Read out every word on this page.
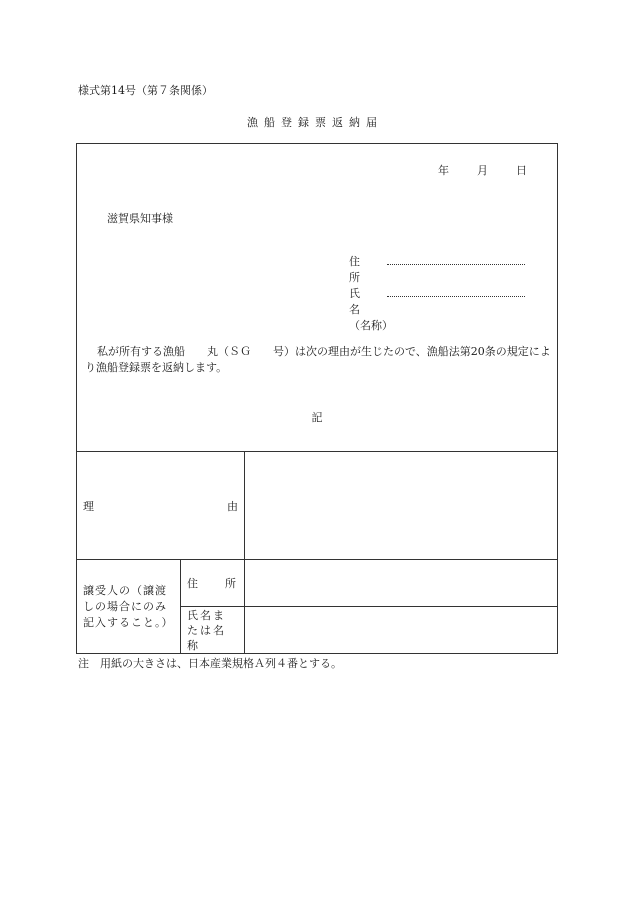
様式第14号（第７条関係）
漁船登録票返納届
年	月	日
滋賀県知事様
住　所
氏　名
（名称）
私が所有する漁船 丸（ＳＧ 号）は次の理由が生じたので、漁船法第20条の規定により漁船登録票を返納します。
記
理 由		

譲受人の（譲渡しの場合にのみ記入すること。）	住 所	

	氏名または名称	
注　用紙の大きさは、日本産業規格Ａ列４番とする。
